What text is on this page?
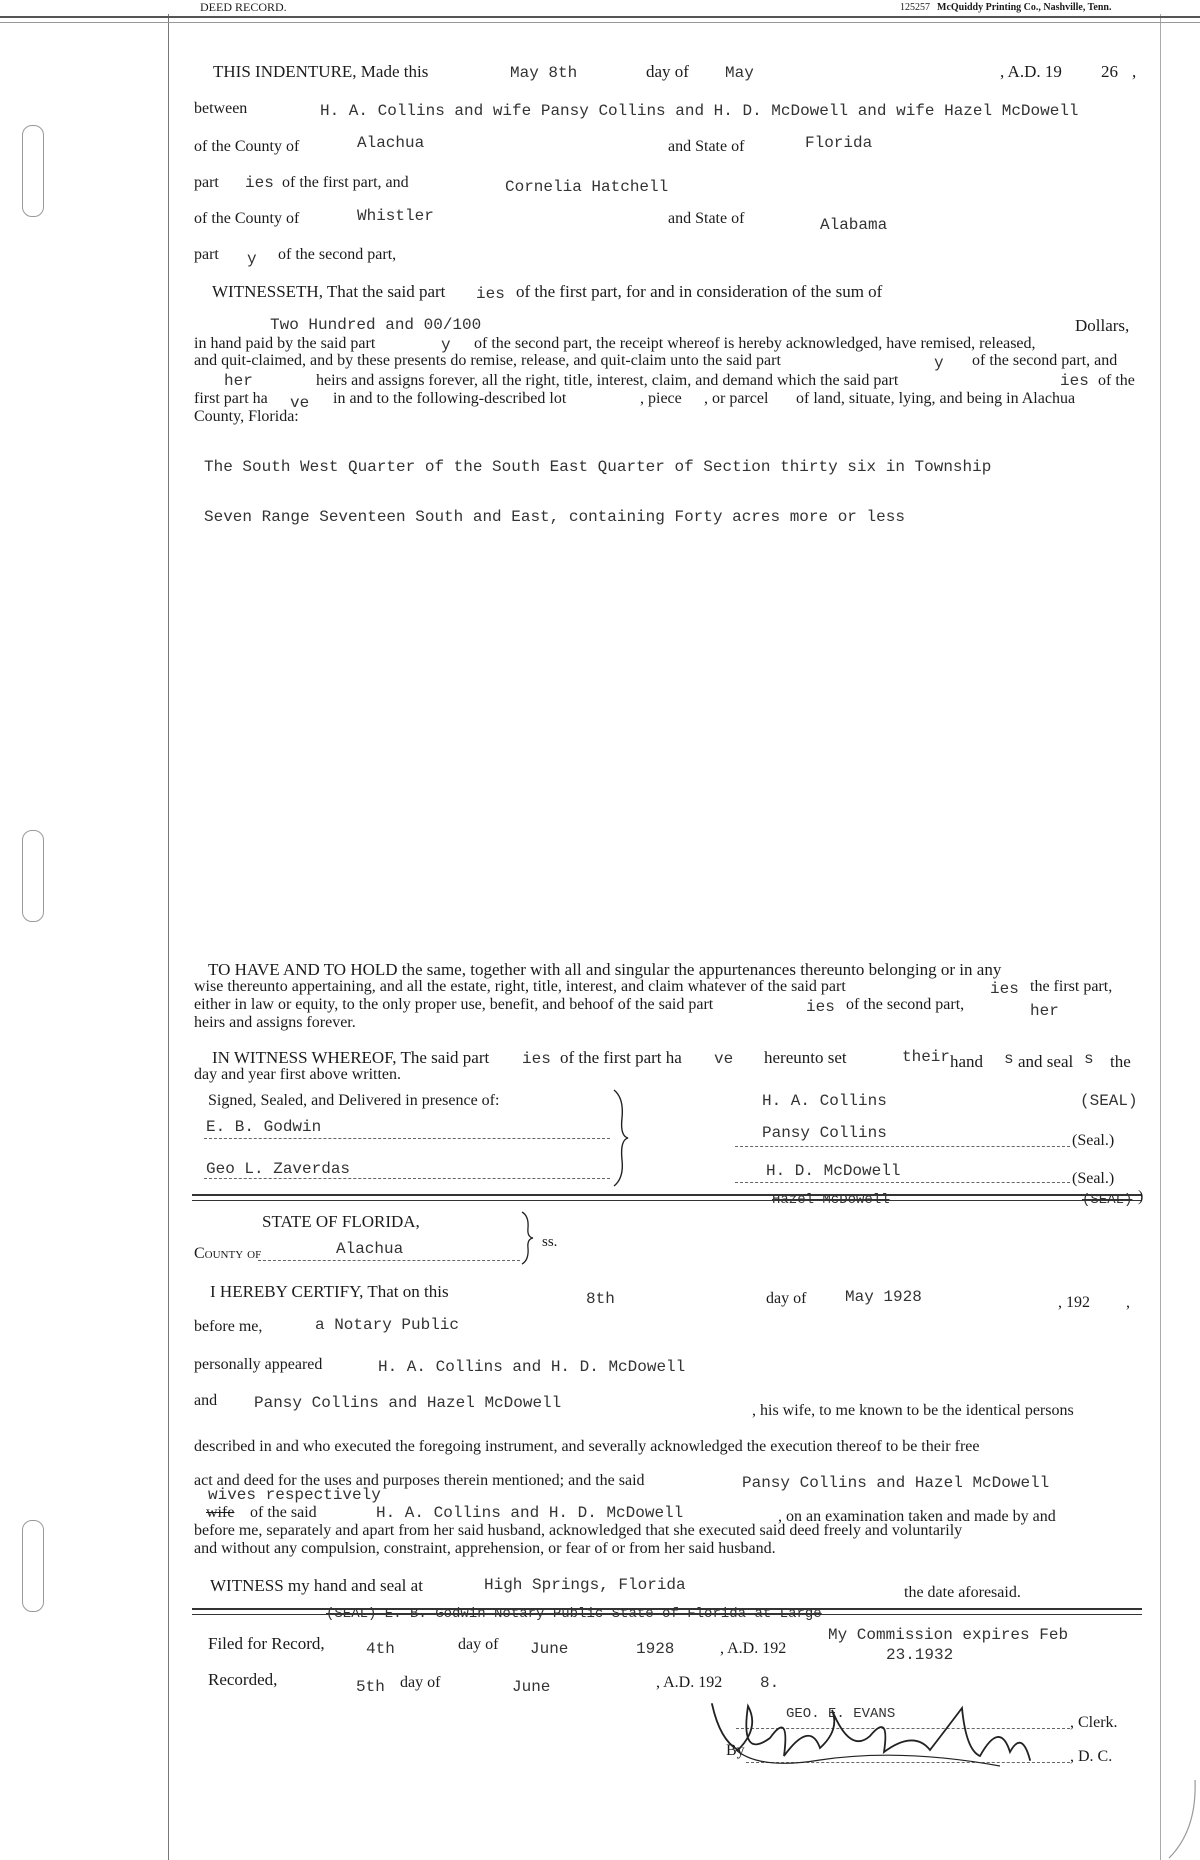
DEED RECORD.	125257 McQuiddy Printing Co., Nashville, Tenn.
THIS INDENTURE, Made this	May 8th	day of May	, A.D. 19 26 ,
between	H. A. Collins and wife Pansy Collins and H. D. McDowell and wife Hazel McDowell
of the County of	Alachua	and State of	Florida
part ies of the first part, and	Cornelia Hatchell
of the County of	Whistler	and State of	Alabama
part y of the second part,
WITNESSETH, That the said part ies of the first part, for and in consideration of the sum of
Two Hundred and 00/100	Dollars,
in hand paid by the said part	y of the second part, the receipt whereof is hereby acknowledged, have remised, released,
and quit-claimed, and by these presents do remise, release, and quit-claim unto the said part	y of the second part, and
her	heirs and assigns forever, all the right, title, interest, claim, and demand which the said part	ies of the
first part ha ve in and to the following-described lot	, piece , or parcel of land, situate, lying, and being in Alachua
County, Florida:
The South West Quarter of the South East Quarter of Section thirty six in Township
Seven Range Seventeen South and East, containing Forty acres more or less
TO HAVE AND TO HOLD the same, together with all and singular the appurtenances thereunto belonging or in any
wise thereunto appertaining, and all the estate, right, title, interest, and claim whatever of the said part	ies the first part,
either in law or equity, to the only proper use, benefit, and behoof of the said part	ies of the second part,	her
heirs and assigns forever.
IN WITNESS WHEREOF, The said part ies of the first part ha ve hereunto set	their hand s and seal s the
day and year first above written.
Signed, Sealed, and Delivered in presence of:
E. B. Godwin
Geo L. Zaverdas
H. A. Collins	(SEAL)
Pansy Collins	(Seal.)
H. D. McDowell	(Seal.)
Hazel McDowell	(SEAL) )
STATE OF FLORIDA,
County of	Alachua	ss.
I HEREBY CERTIFY, That on this	8th	day of May 1928	, 192 ,
before me,	a Notary Public
personally appeared	H. A. Collins and H. D. McDowell
and Pansy Collins and Hazel McDowell	, his wife, to me known to be the identical persons
described in and who executed the foregoing instrument, and severally acknowledged the execution thereof to be their free
act and deed for the uses and purposes therein mentioned; and the said	Pansy Collins and Hazel McDowell
wives respectively
wife of the said	H. A. Collins and H. D. McDowell	, on an examination taken and made by and
before me, separately and apart from her said husband, acknowledged that she executed said deed freely and voluntarily
and without any compulsion, constraint, apprehension, or fear of or from her said husband.
WITNESS my hand and seal at	High Springs, Florida	the date aforesaid.
(SEAL) E. B. Godwin Notary Public State of Florida at Large
Filed for Record,	4th	day of June	1928	, A.D. 192
My Commission expires Feb
23.1932
Recorded,	5th day of	June	, A.D. 192 8.
GEO. E. EVANS	, Clerk.
By	, D. C.
